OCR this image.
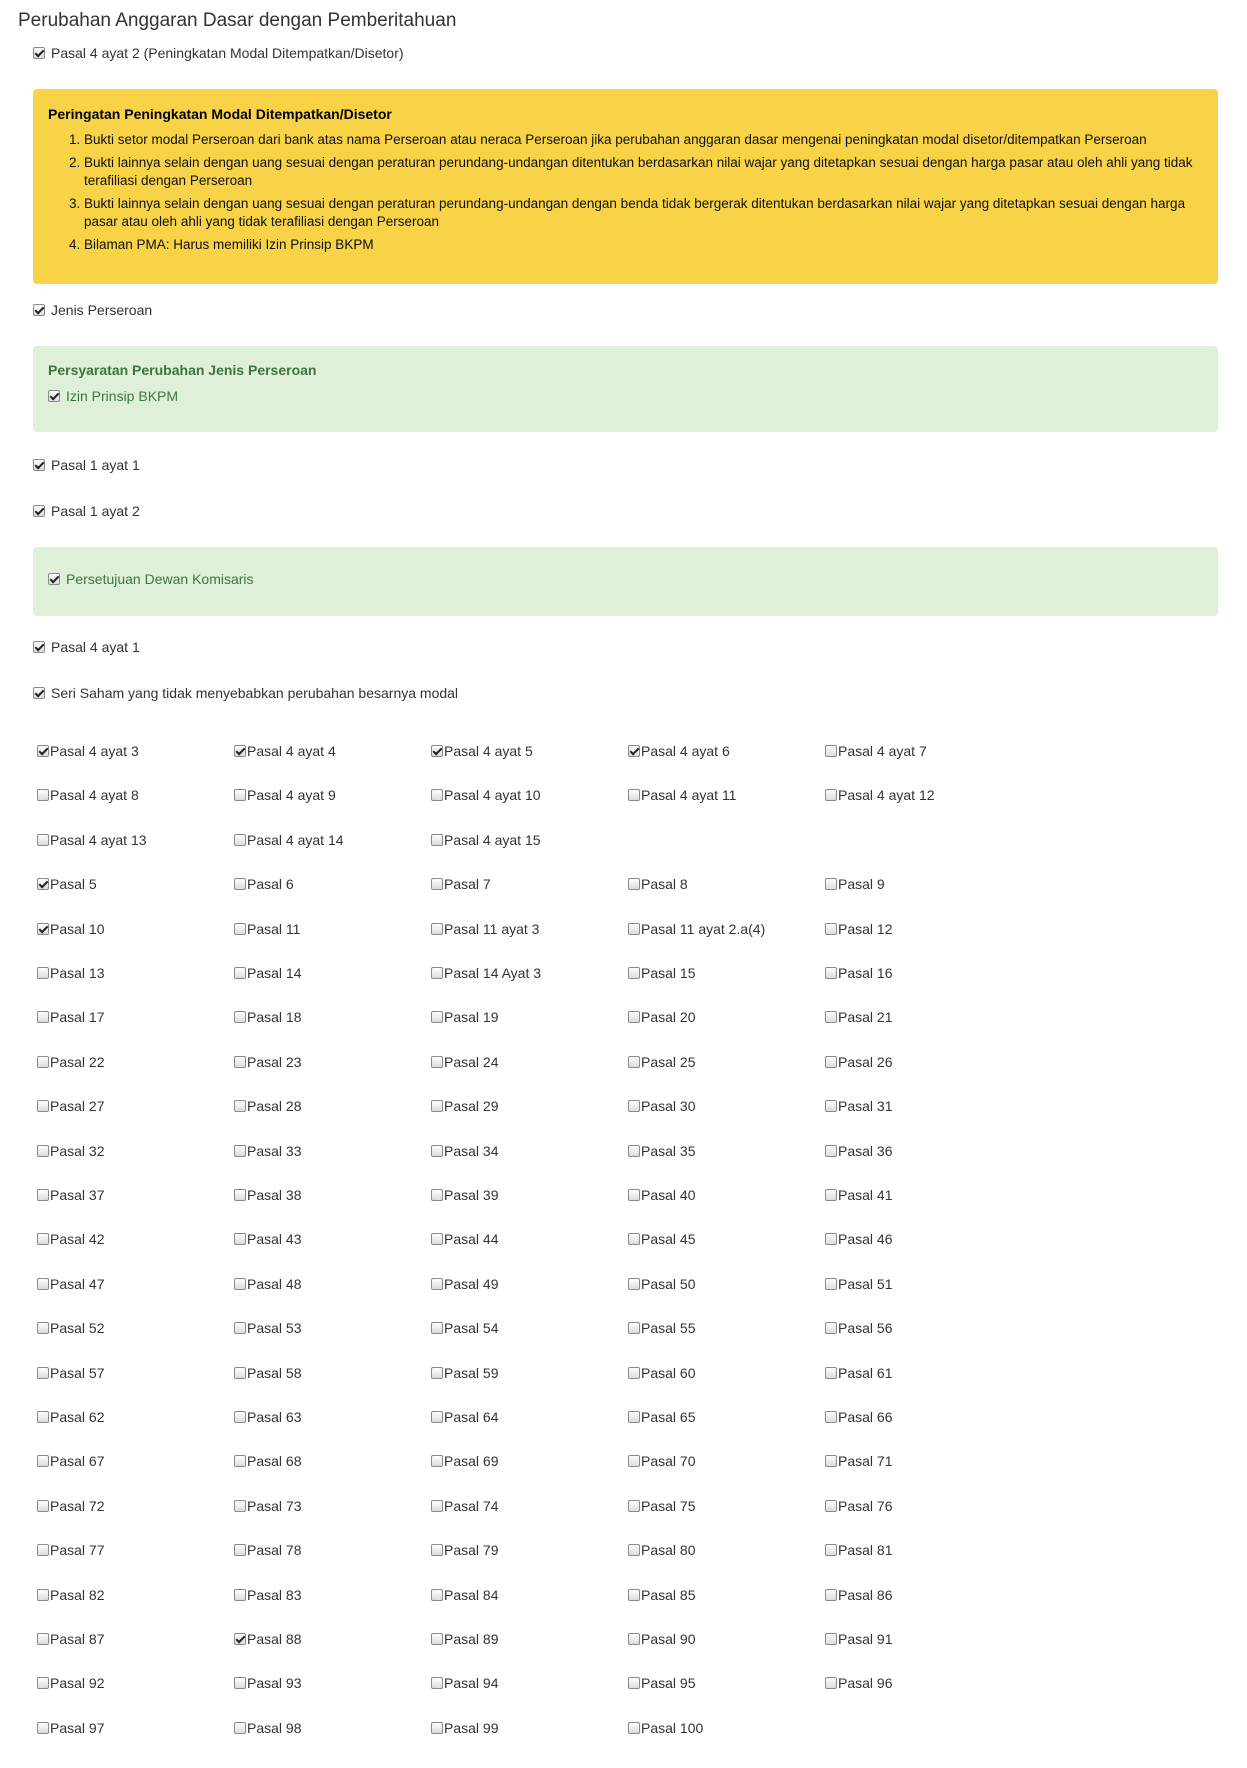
Perubahan Anggaran Dasar dengan Pemberitahuan
Pasal 4 ayat 2 (Peningkatan Modal Ditempatkan/Disetor)
Peringatan Peningkatan Modal Ditempatkan/Disetor
1. Bukti setor modal Perseroan dari bank atas nama Perseroan atau neraca Perseroan jika perubahan anggaran dasar mengenai peningkatan modal disetor/ditempatkan Perseroan
2. Bukti lainnya selain dengan uang sesuai dengan peraturan perundang-undangan ditentukan berdasarkan nilai wajar yang ditetapkan sesuai dengan harga pasar atau oleh ahli yang tidak terafiliasi dengan Perseroan
3. Bukti lainnya selain dengan uang sesuai dengan peraturan perundang-undangan dengan benda tidak bergerak ditentukan berdasarkan nilai wajar yang ditetapkan sesuai dengan harga pasar atau oleh ahli yang tidak terafiliasi dengan Perseroan
4. Bilaman PMA: Harus memiliki Izin Prinsip BKPM
Jenis Perseroan
Persyaratan Perubahan Jenis Perseroan
Izin Prinsip BKPM
Pasal 1 ayat 1
Pasal 1 ayat 2
Persetujuan Dewan Komisaris
Pasal 4 ayat 1
Seri Saham yang tidak menyebabkan perubahan besarnya modal
Pasal 4 ayat 3	Pasal 4 ayat 4	Pasal 4 ayat 5	Pasal 4 ayat 6	Pasal 4 ayat 7
Pasal 4 ayat 8	Pasal 4 ayat 9	Pasal 4 ayat 10	Pasal 4 ayat 11	Pasal 4 ayat 12
Pasal 4 ayat 13	Pasal 4 ayat 14	Pasal 4 ayat 15
Pasal 5	Pasal 6	Pasal 7	Pasal 8	Pasal 9
Pasal 10	Pasal 11	Pasal 11 ayat 3	Pasal 11 ayat 2.a(4)	Pasal 12
Pasal 13	Pasal 14	Pasal 14 Ayat 3	Pasal 15	Pasal 16
Pasal 17	Pasal 18	Pasal 19	Pasal 20	Pasal 21
Pasal 22	Pasal 23	Pasal 24	Pasal 25	Pasal 26
Pasal 27	Pasal 28	Pasal 29	Pasal 30	Pasal 31
Pasal 32	Pasal 33	Pasal 34	Pasal 35	Pasal 36
Pasal 37	Pasal 38	Pasal 39	Pasal 40	Pasal 41
Pasal 42	Pasal 43	Pasal 44	Pasal 45	Pasal 46
Pasal 47	Pasal 48	Pasal 49	Pasal 50	Pasal 51
Pasal 52	Pasal 53	Pasal 54	Pasal 55	Pasal 56
Pasal 57	Pasal 58	Pasal 59	Pasal 60	Pasal 61
Pasal 62	Pasal 63	Pasal 64	Pasal 65	Pasal 66
Pasal 67	Pasal 68	Pasal 69	Pasal 70	Pasal 71
Pasal 72	Pasal 73	Pasal 74	Pasal 75	Pasal 76
Pasal 77	Pasal 78	Pasal 79	Pasal 80	Pasal 81
Pasal 82	Pasal 83	Pasal 84	Pasal 85	Pasal 86
Pasal 87	Pasal 88	Pasal 89	Pasal 90	Pasal 91
Pasal 92	Pasal 93	Pasal 94	Pasal 95	Pasal 96
Pasal 97	Pasal 98	Pasal 99	Pasal 100
